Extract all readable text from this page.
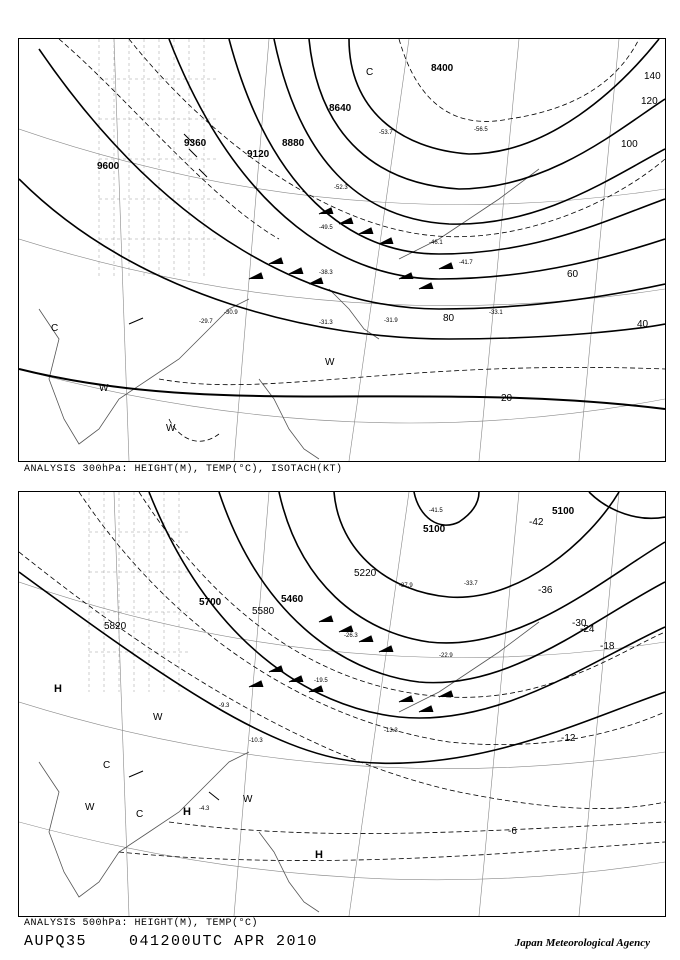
9600
9360
9120
8880
8640
8400
20
40
60
80
100
120
140
-29.7
-30.9
-31.3	-31.9
-33.1
-38.3
-41.7
-46.1
-49.5
-52.3
-53.7	-56.5
C
W
W
W
C
ANALYSIS 300hPa: HEIGHT(M), TEMP(°C), ISOTACH(KT)
5820
5700
5580
5460
5220
5100
5100
-6
-12
-18
-24
-30
-36
-42
-4.3
-9.3
-10.3
-13.3
-19.5
-22.9
-26.3
-33.7
-37.9
-41.5
H
H
H
C
C
W
W
W
ANALYSIS 500hPa: HEIGHT(M), TEMP(°C)
AUPQ35	041200UTC APR 2010	Japan Meteorological Agency
